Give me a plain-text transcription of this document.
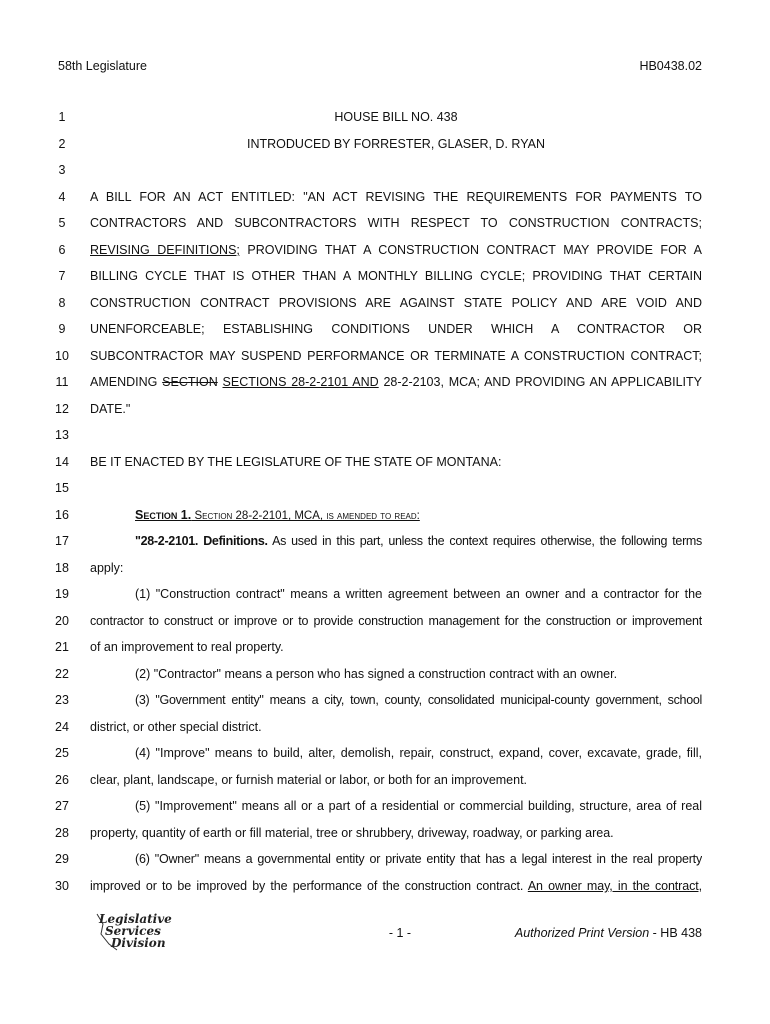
58th Legislature	HB0438.02
1
2
3
4
5
6
7
8
9
10
11
12
13
14
15
16
17
18
19
20
21
22
23
24
25
26
27
28
29
30
HOUSE BILL NO. 438
INTRODUCED BY FORRESTER, GLASER, D. RYAN
A BILL FOR AN ACT ENTITLED: "AN ACT REVISING THE REQUIREMENTS FOR PAYMENTS TO
CONTRACTORS AND SUBCONTRACTORS WITH RESPECT TO CONSTRUCTION CONTRACTS;
REVISING DEFINITIONS; PROVIDING THAT A CONSTRUCTION CONTRACT MAY PROVIDE FOR A
BILLING CYCLE THAT IS OTHER THAN A MONTHLY BILLING CYCLE; PROVIDING THAT CERTAIN
CONSTRUCTION CONTRACT PROVISIONS ARE AGAINST STATE POLICY AND ARE VOID AND
UNENFORCEABLE; ESTABLISHING CONDITIONS UNDER WHICH A CONTRACTOR OR
SUBCONTRACTOR MAY SUSPEND PERFORMANCE OR TERMINATE A CONSTRUCTION CONTRACT;
AMENDING SECTION SECTIONS 28-2-2101 AND 28-2-2103, MCA; AND PROVIDING AN APPLICABILITY
DATE."
BE IT ENACTED BY THE LEGISLATURE OF THE STATE OF MONTANA:
Section 1. Section 28-2-2101, MCA, is amended to read:
"28-2-2101. Definitions. As used in this part, unless the context requires otherwise, the following terms
apply:
(1) "Construction contract" means a written agreement between an owner and a contractor for the
contractor to construct or improve or to provide construction management for the construction or improvement
of an improvement to real property.
(2) "Contractor" means a person who has signed a construction contract with an owner.
(3) "Government entity" means a city, town, county, consolidated municipal-county government, school
district, or other special district.
(4) "Improve" means to build, alter, demolish, repair, construct, expand, cover, excavate, grade, fill,
clear, plant, landscape, or furnish material or labor, or both for an improvement.
(5) "Improvement" means all or a part of a residential or commercial building, structure, area of real
property, quantity of earth or fill material, tree or shrubbery, driveway, roadway, or parking area.
(6) "Owner" means a governmental entity or private entity that has a legal interest in the real property
improved or to be improved by the performance of the construction contract. An owner may, in the contract,
Legislative
Services
Division
- 1 -	Authorized Print Version - HB 438
